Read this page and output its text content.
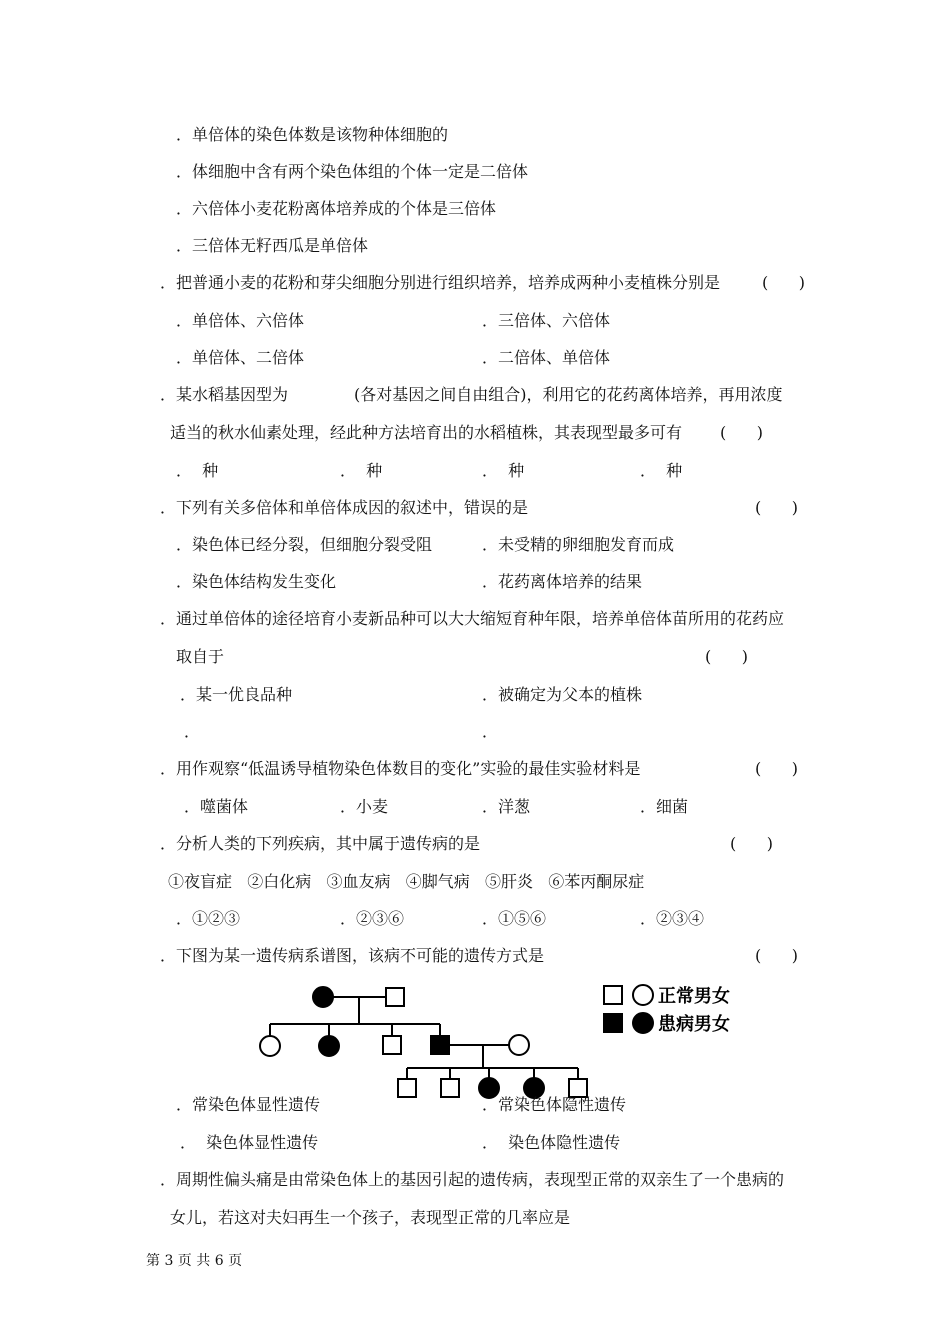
．单倍体的染色体数是该物种体细胞的
．体细胞中含有两个染色体组的个体一定是二倍体
．六倍体小麦花粉离体培养成的个体是三倍体
．三倍体无籽西瓜是单倍体
．把普通小麦的花粉和芽尖细胞分别进行组织培养，培养成两种小麦植株分别是	(      )
．单倍体、六倍体	．三倍体、六倍体
．单倍体、二倍体	．二倍体、单倍体
．某水稻基因型为	(各对基因之间自由组合)，利用它的花药离体培养，再用浓度
适当的秋水仙素处理，经此种方法培育出的水稻植株，其表现型最多可有 (      )
．  种	．  种	．  种	．  种
．下列有关多倍体和单倍体成因的叙述中，错误的是	(      )
．染色体已经分裂，但细胞分裂受阻	．未受精的卵细胞发育而成
．染色体结构发生变化	．花药离体培养的结果
．通过单倍体的途径培育小麦新品种可以大大缩短育种年限，培养单倍体苗所用的花药应
取自于	(      )
．某一优良品种	．被确定为父本的植株
．	．
．用作观察“低温诱导植物染色体数目的变化”实验的最佳实验材料是	(      )
．噬菌体	．小麦	．洋葱	．细菌
．分析人类的下列疾病，其中属于遗传病的是	(      )
①夜盲症   ②白化病   ③血友病   ④脚气病   ⑤肝炎   ⑥苯丙酮尿症
．①②③	．②③⑥	．①⑤⑥	．②③④
．下图为某一遗传病系谱图，该病不可能的遗传方式是	(      )
正常男女
患病男女
．常染色体显性遗传	．常染色体隐性遗传
．  染色体显性遗传	．  染色体隐性遗传
．周期性偏头痛是由常染色体上的基因引起的遗传病，表现型正常的双亲生了一个患病的
女儿，若这对夫妇再生一个孩子，表现型正常的几率应是
第 3 页 共 6 页
